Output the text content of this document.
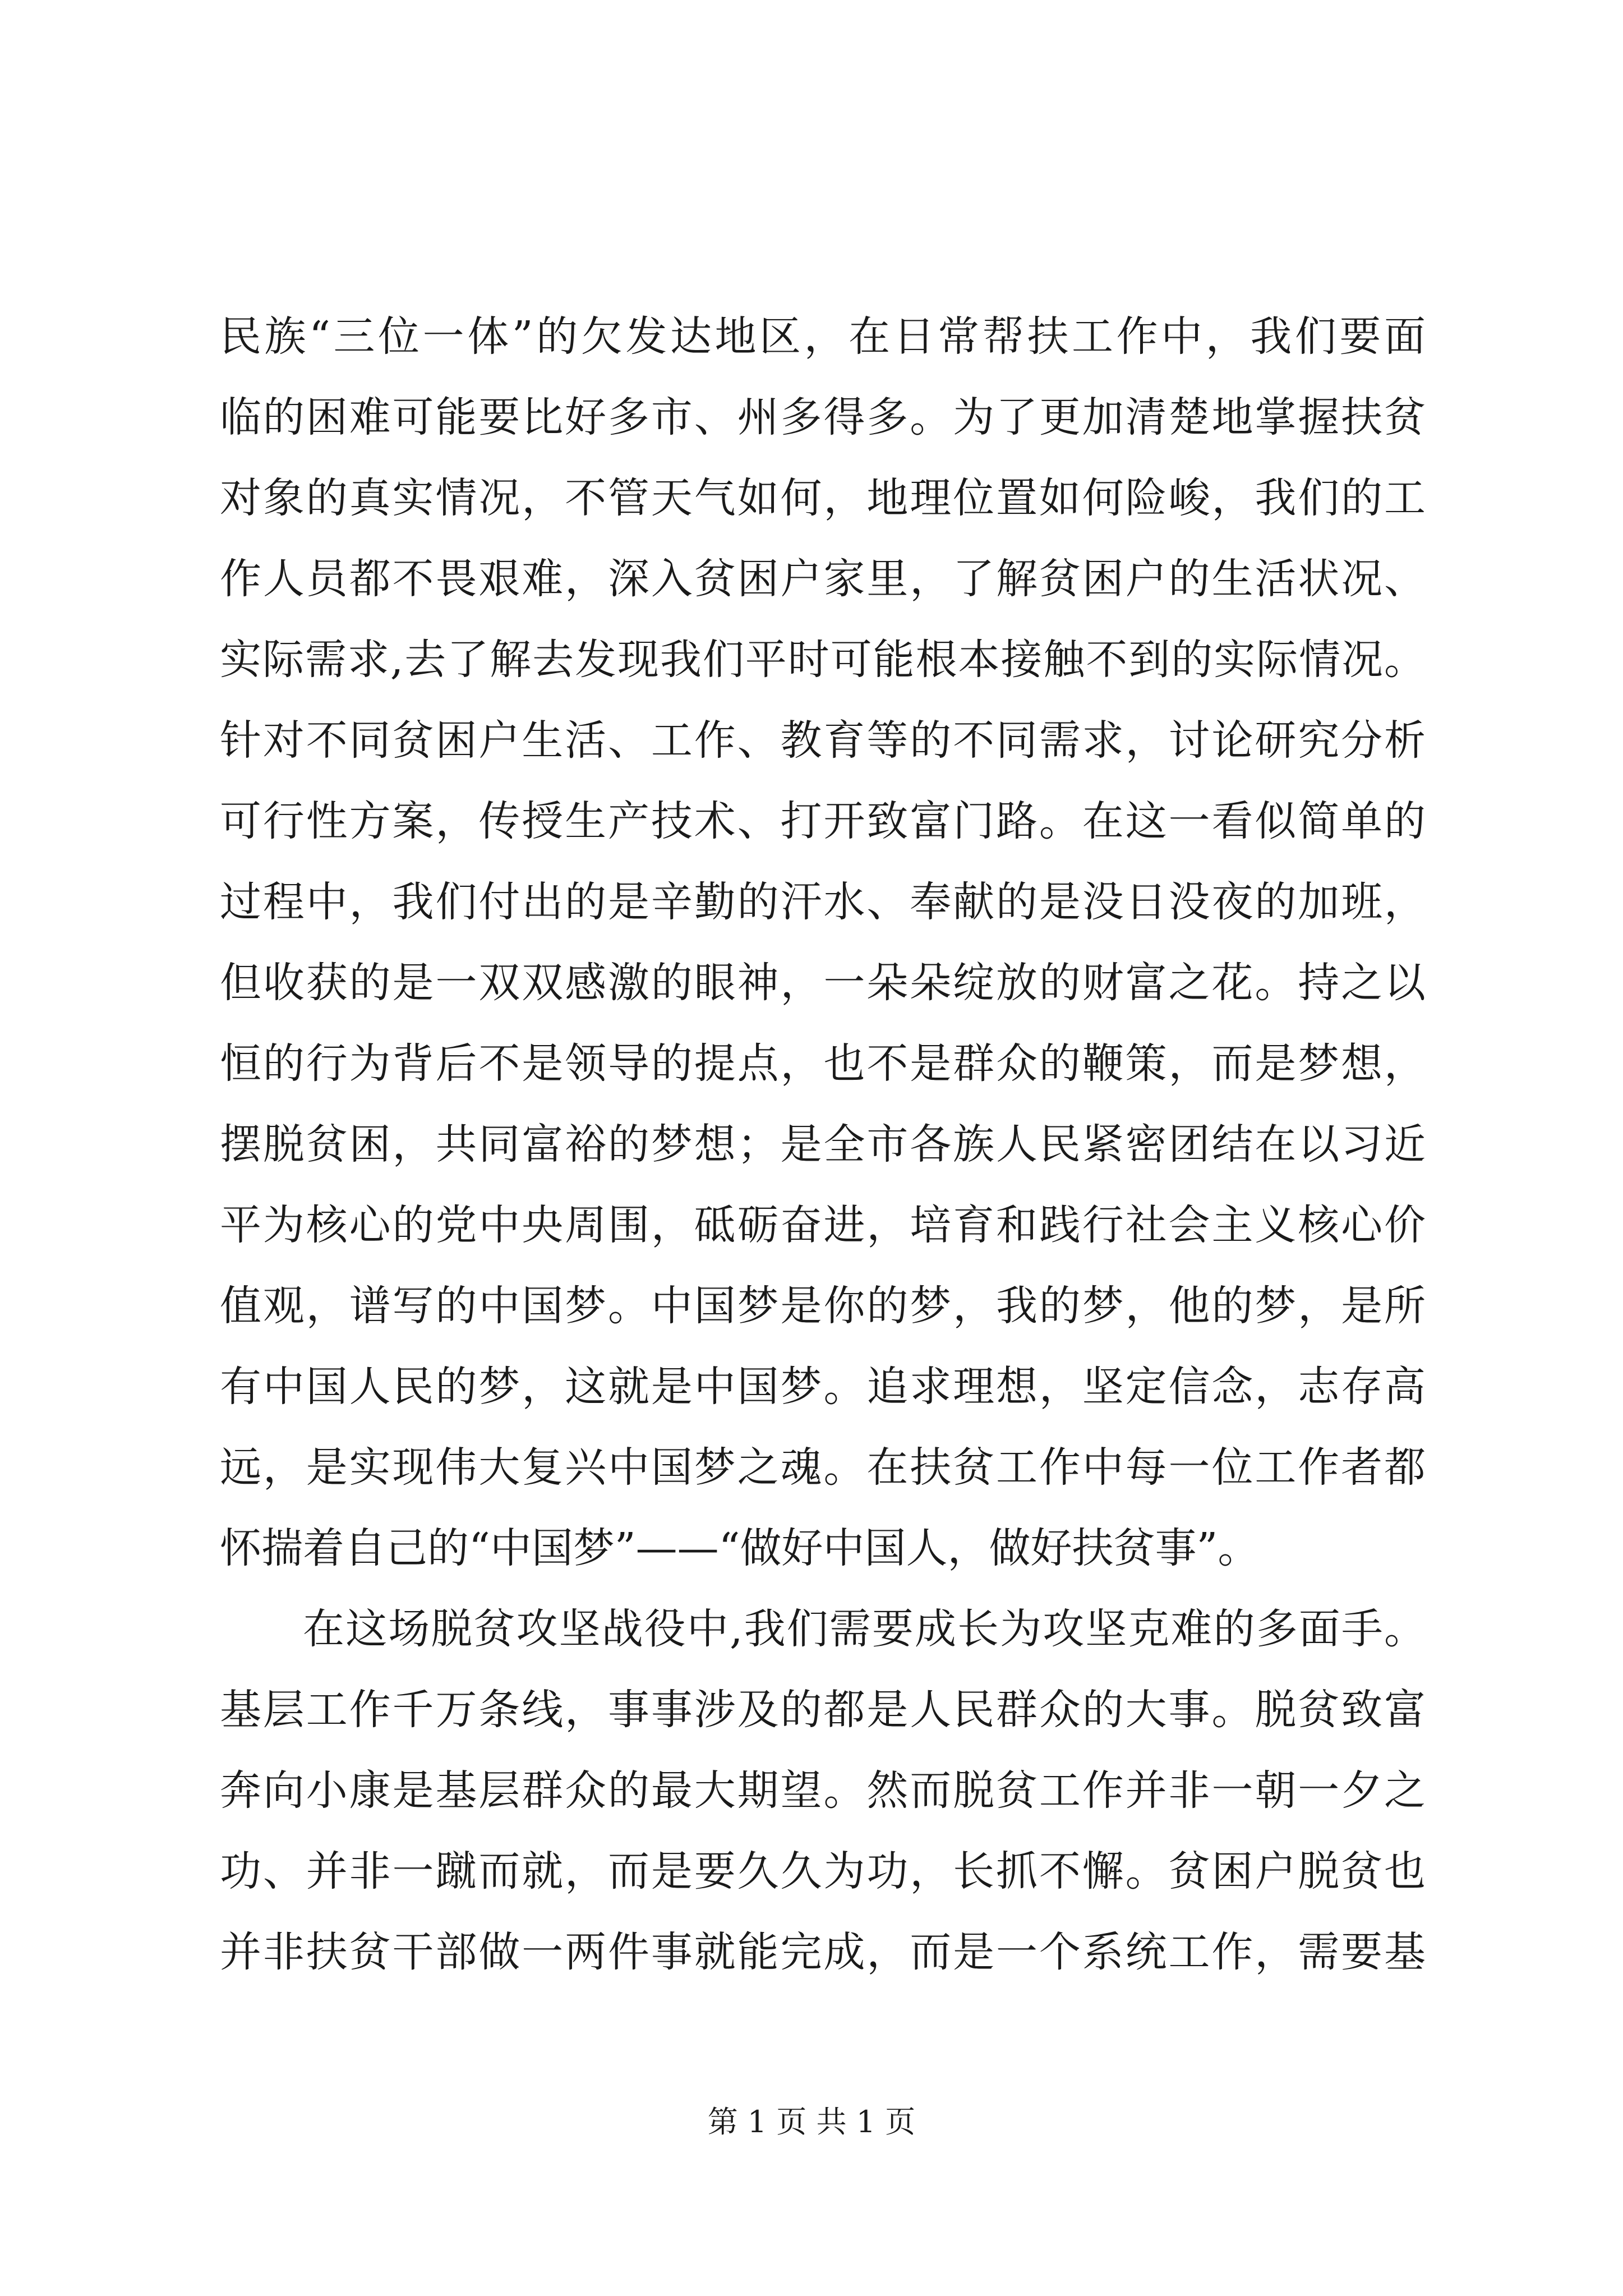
民族“三位一体”的欠发达地区，在日常帮扶工作中，我们要面
临的困难可能要比好多市、州多得多。为了更加清楚地掌握扶贫
对象的真实情况，不管天气如何，地理位置如何险峻，我们的工
作人员都不畏艰难，深入贫困户家里，了解贫困户的生活状况、
实际需求,去了解去发现我们平时可能根本接触不到的实际情况。
针对不同贫困户生活、工作、教育等的不同需求，讨论研究分析
可行性方案，传授生产技术、打开致富门路。在这一看似简单的
过程中，我们付出的是辛勤的汗水、奉献的是没日没夜的加班，
但收获的是一双双感激的眼神，一朵朵绽放的财富之花。持之以
恒的行为背后不是领导的提点，也不是群众的鞭策，而是梦想，
摆脱贫困，共同富裕的梦想；是全市各族人民紧密团结在以习近
平为核心的党中央周围，砥砺奋进，培育和践行社会主义核心价
值观，谱写的中国梦。中国梦是你的梦，我的梦，他的梦，是所
有中国人民的梦，这就是中国梦。追求理想，坚定信念，志存高
远，是实现伟大复兴中国梦之魂。在扶贫工作中每一位工作者都
怀揣着自己的“中国梦”——“做好中国人，做好扶贫事”。
在这场脱贫攻坚战役中,我们需要成长为攻坚克难的多面手。
基层工作千万条线，事事涉及的都是人民群众的大事。脱贫致富
奔向小康是基层群众的最大期望。然而脱贫工作并非一朝一夕之
功、并非一蹴而就，而是要久久为功，长抓不懈。贫困户脱贫也
并非扶贫干部做一两件事就能完成，而是一个系统工作，需要基
第 1 页 共 1 页
